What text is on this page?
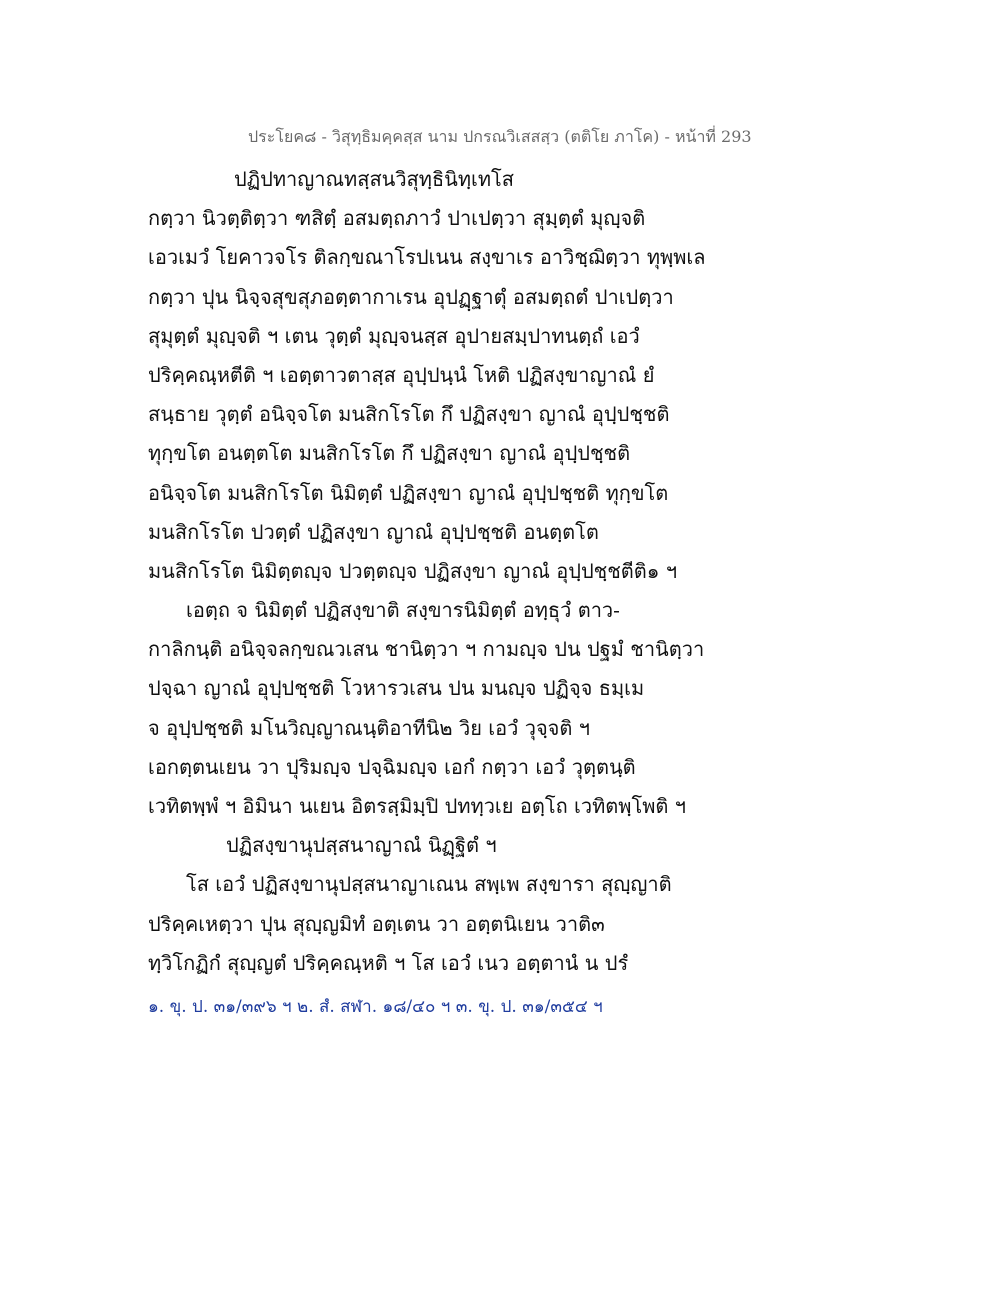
ประโยค๘ - วิสุทฺธิมคฺคสฺส นาม ปกรณวิเสสสฺว (ตติโย ภาโค) - หน้าที่ 293
ปฏิปทาญาณทสฺสนวิสุทฺธินิทฺเทโส
กตฺวา นิวตฺติตฺวา ฑสิตฺํ อสมตฺถภาวํ ปาเปตฺวา สุมฺตฺตํ มุญฺจติ
เอวเมวํ โยคาวจโร ติลกฺขณาโรปเนน สงฺขาเร อาวิชฺฌิตฺวา ทุพฺพเล
กตฺวา ปุน นิจฺจสุขสุภอตฺตากาเรน อุปฏฺฐาตุํ อสมตฺถตํ ปาเปตฺวา
สุมุตฺตํ มุญฺจติ ฯ เตน วุตฺตํ มุญฺจนสฺส อุปายสมฺปาทนตฺถํ เอวํ
ปริคฺคณฺหตีติ ฯ เอตฺตาวตาสฺส อุปฺปนฺนํ โหติ ปฏิสงฺขาญาณํ ยํ
สนฺธาย วุตฺตํ อนิจฺจโต มนสิกโรโต กึ ปฏิสงฺขา ญาณํ อุปฺปชฺชติ
ทุกฺขโต อนตฺตโต มนสิกโรโต กึ ปฏิสงฺขา ญาณํ อุปฺปชฺชติ
อนิจฺจโต มนสิกโรโต นิมิตฺตํ ปฏิสงฺขา ญาณํ อุปฺปชฺชติ ทุกฺขโต
มนสิกโรโต ปวตฺตํ ปฏิสงฺขา ญาณํ อุปฺปชฺชติ อนตฺตโต
มนสิกโรโต นิมิตฺตญฺจ ปวตฺตญฺจ ปฏิสงฺขา ญาณํ อุปฺปชฺชตีติ๑ ฯ
เอตฺถ จ นิมิตฺตํ ปฏิสงฺขาติ สงฺขารนิมิตฺตํ อทฺธุวํ ตาว-
กาลิกนฺติ อนิจฺจลกฺขณวเสน ชานิตฺวา ฯ กามญฺจ ปน ปฐมํ ชานิตฺวา
ปจฺฉา ญาณํ อุปฺปชฺชติ โวหารวเสน ปน มนญฺจ ปฏิจฺจ ธมฺเม
จ อุปฺปชฺชติ มโนวิญฺญาณนฺติอาทีนิ๒ วิย เอวํ วุจฺจติ ฯ
เอกตฺตนเยน วา ปุริมญฺจ ปจฺฉิมญฺจ เอกํ กตฺวา เอวํ วุตฺตนฺติ
เวทิตพฺพํ ฯ อิมินา นเยน อิตรสฺมิมฺปิ ปททฺวเย อตฺโถ เวทิตพฺโพติ ฯ
ปฏิสงฺขานุปสฺสนาญาณํ นิฏฺฐิตํ ฯ
โส เอวํ ปฏิสงฺขานุปสฺสนาญาเณน สพฺเพ สงฺขารา สุญฺญาติ
ปริคฺคเหตฺวา ปุน สุญฺญมิทํ อตฺเตน วา อตฺตนิเยน วาติ๓
ทฺวิโกฏิกํ สุญฺญตํ ปริคฺคณฺหติ ฯ โส เอวํ เนว อตฺตานํ น ปรํ
๑. ขุ. ป. ๓๑/๓๙๖ ฯ ๒. สํ. สฬา. ๑๘/๔๐ ฯ ๓. ขุ. ป. ๓๑/๓๕๔ ฯ
